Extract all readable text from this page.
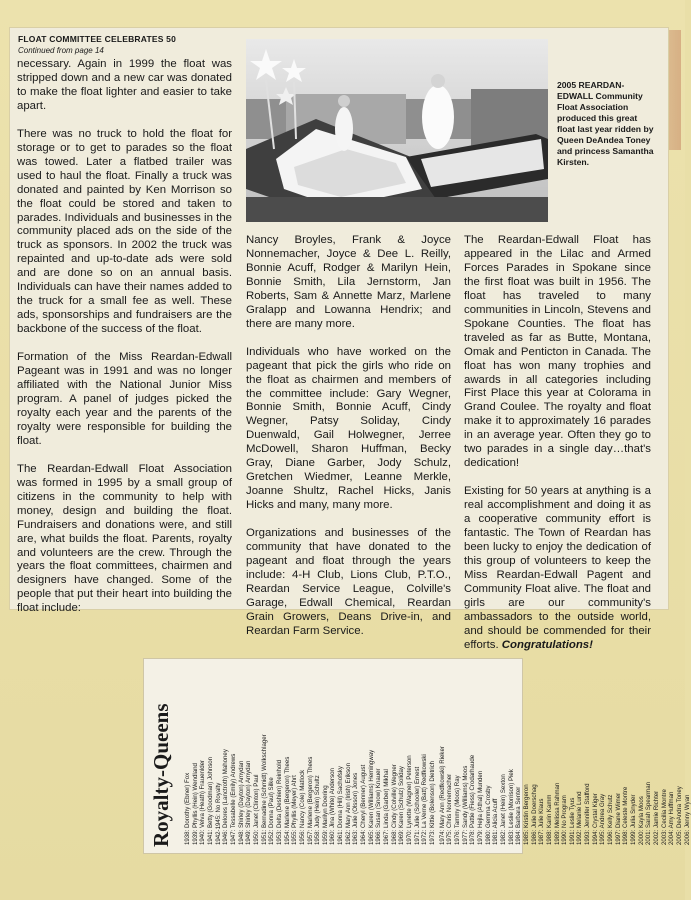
FLOAT COMMITTEE CELEBRATES 50
Continued from page 14

necessary. Again in 1999 the float was stripped down and a new car was donated to make the float lighter and easier to take apart.

There was no truck to hold the float for storage or to get to parades so the float was towed. Later a flatbed trailer was used to haul the float. Finally a truck was donated and painted by Ken Morrison so the float could be stored and taken to parades. Individuals and businesses in the community placed ads on the side of the truck as sponsors. In 2002 the truck was repainted and up-to-date ads were sold and are done so on an annual basis. Individuals can have their names added to the truck for a small fee as well. These ads, sponsorships and fundraisers are the backbone of the success of the float.

Formation of the Miss Reardan-Edwall Pageant was in 1991 and was no longer affiliated with the National Junior Miss program. A panel of judges picked the royalty each year and the parents of the royalty were responsible for building the float.

The Reardan-Edwall Float Association was formed in 1995 by a small group of citizens in the community to help with money, design and building the float. Fundraisers and donations were, and still are, what builds the float. Parents, royalty and volunteers are the crew. Through the years the float committees, chairmen and designers have changed. Some of the people that put their heart into building the float include:

2005 REARDAN-EDWALL Community Float Association produced this great float last year ridden by Queen DeAndea Toney and princess Samantha Kirsten.

Nancy Broyles, Frank & Joyce Nonnemacher, Joyce & Dee L. Reilly, Bonnie Acuff, Rodger & Marilyn Hein, Bonnie Smith, Lila Jernstorm, Jan Roberts, Sam & Annette Marz, Marlene Gralapp and Lowanna Hendrix; and there are many more.

Individuals who have worked on the pageant that pick the girls who ride on the float as chairmen and members of the committee include: Gary Wegner, Bonnie Smith, Bonnie Acuff, Cindy Wegner, Patsy Soliday, Cindy Duenwald, Gail Holwegner, Jerree McDowell, Sharon Huffman, Becky Gray, Diane Garber, Jody Schulz, Gretchen Wiedmer, Leanne Merkle, Joanne Shultz, Rachel Hicks, Janis Hicks and many, many more.

Organizations and businesses of the community that have donated to the pageant and float through the years include: 4-H Club, Lions Club, P.T.O., Reardan Service League, Colville's Garage, Edwall Chemical, Reardan Grain Growers, Deans Drive-in, and Reardan Farm Service.

The Reardan-Edwall Float has appeared in the Lilac and Armed Forces Parades in Spokane since the first float was built in 1956. The float has traveled to many communities in Lincoln, Stevens and Spokane Counties. The float has traveled as far as Butte, Montana, Omak and Penticton in Canada. The float has won many trophies and awards in all categories including First Place this year at Colorama in Grand Coulee. The royalty and float make it to approximately 16 parades in an average year. Often they go to two parades in a single day…that's dedication!

Existing for 50 years at anything is a real accomplishment and doing it as a cooperative community effort is fantastic. The Town of Reardan has been lucky to enjoy the dedication of this group of volunteers to keep the Miss Reardan-Edwall Pagent and Community Float alive. The float and girls are our community's ambassadors to the outside world, and should be commended for their efforts. Congratulations!

Royalty-Queens 1938: Dorothy (Ebner) Fox 1939: Phyllis (Hein) Wendland 1940: Velva (Heath) Frauenlder 1941: Betty (Goodman) Johnson 1942-1945: No Royalty 1946: Delores (Lanctroth) Mahoney 1947: Tessabelle (Emily) Andrews 1948: Shirley (Dayton) Amydan 1949: Shirley (Dayton) Amydan 1950: Janet (Clinton) Paul 1951: Bernadine (Schmidt) Wolkschlager 1952: Donna (Paul) Silke 1953: Delta (Deshien) Reinhold 1954: Marlene (Bergeron) Thees 1955: Phyllis (Meyer) Ahrt 1956: Nancy (Cole) Matlock 1957: Marlene (Bergeron) Thees 1958: Judy (Hein) Schultz 1959: Marilyn Doering 1960: Jina (White) Anderson 1961: Donna (Hill) Sachofsky 1962: Mary Ann (Irish) Erikson 1963: Julie (Olsson) Jones 1964: Cheryl (Benner) August 1965: Karen (Williams) Hemingway 1966: Susan (Snow) Knauer 1967: Linda (Garber) Mikhal 1968: Cindy (Colville) Wegner 1969: Karen (Schulz) Soliday 1970: Lynette (Wagner) Peterson 1971: Julie (Schooler) Emest 1972: La Verne (Batt) Redfkowski 1973: Kittie (Bolenson) Dietrich 1974: Mary Ann (Redfkowski) Rieker 1975: Chris Nonnemacher 1976: Tammy (Moos) Ray 1977: Sandy (Williams) Moos 1978: Pattie (Fiess) Crodarhaude 1979: Hejla (Athal) Munden 1980: Gemma Crosby 1981: Alicia Acuff 1982: Janet (Hein) Sexton 1983: Leslie (Morrison) Piek 1984: Barbara Senter 1985: Kristin Bergeron 1986: Julie Doerschag 1987: Julie Klaus 1988: Karin Kamm 1989: Melissa Rahman 1990: No Program 1991: Leslie Tyus 1992: Melanie Lund 1993: Jennifer Stafford 1994: Crystal Kiger 1995: Andrea Gray 1996: Kelly Schutz 1997: Diane Wimer 1998: Celeste Montre 1999: Julia Snyder 2000: Kayla Moos 2001: Sarah Spearman 2002: Jamie Richter 2003: Cecilia Montre 2004: Amy Huffman 2005: DeAndra Toney 2006: Jenny Wyan
